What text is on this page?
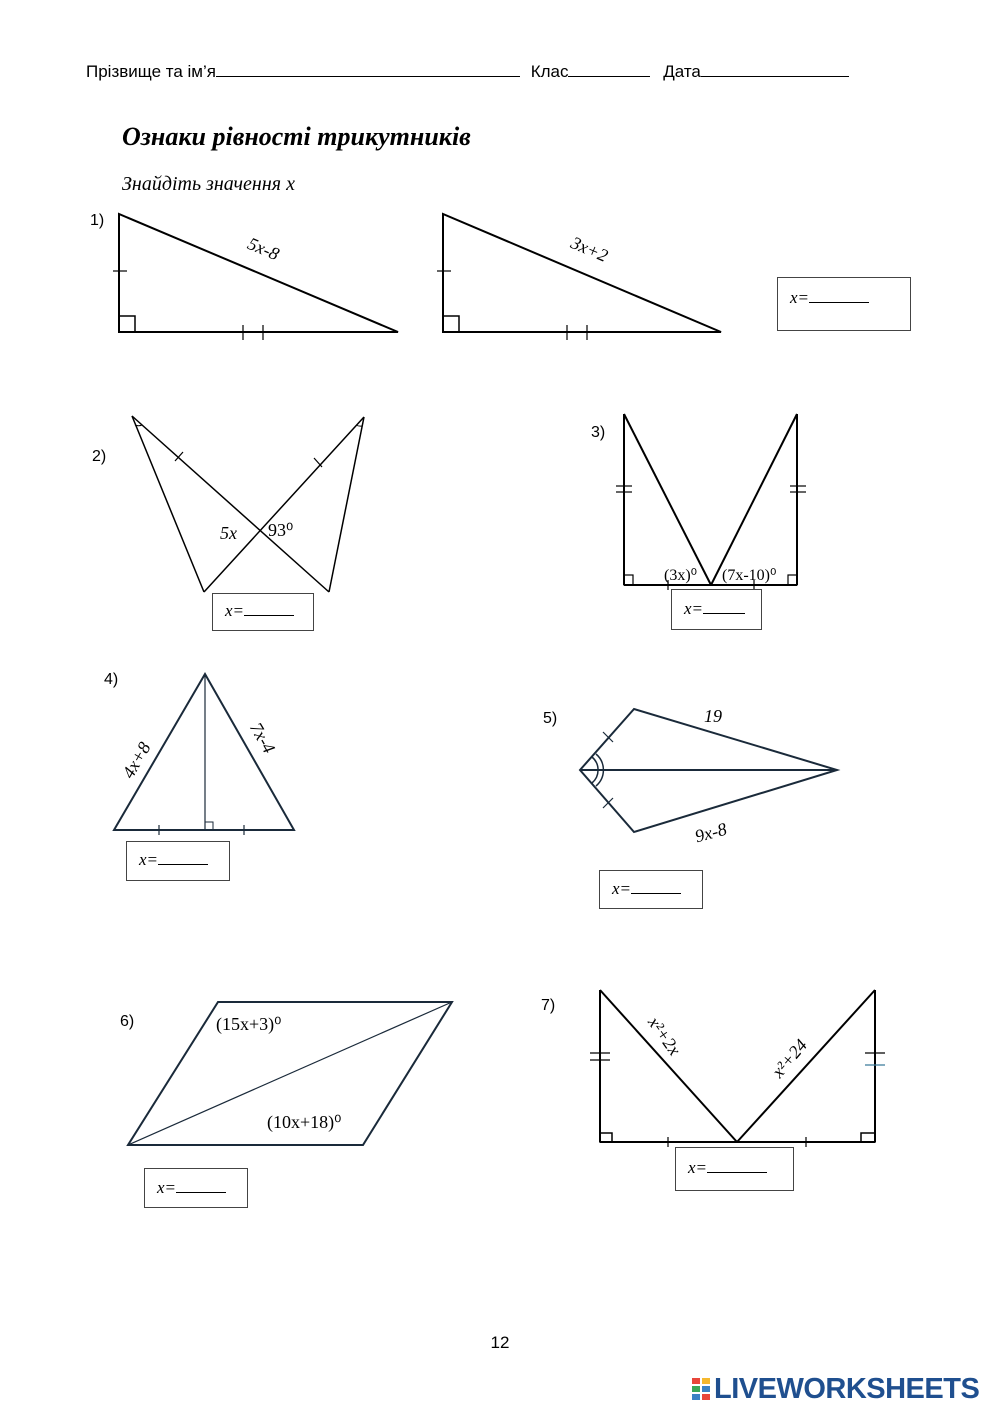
Прізвище та ім’я	Клас	Дата
Ознаки рівності трикутників
Знайдіть значення x
1)
2)
3)
4)
5)
6)
7)
5x-8	3x+2
5x 93⁰
(3x)⁰ (7x-10)⁰
4x+8
7x-4
19
9x-8
(15x+3)⁰
(10x+18)⁰
x²+2x	x²+24
x=
x=	x=
x=
x=
x=
x=
12
LIVEWORKSHEETS
